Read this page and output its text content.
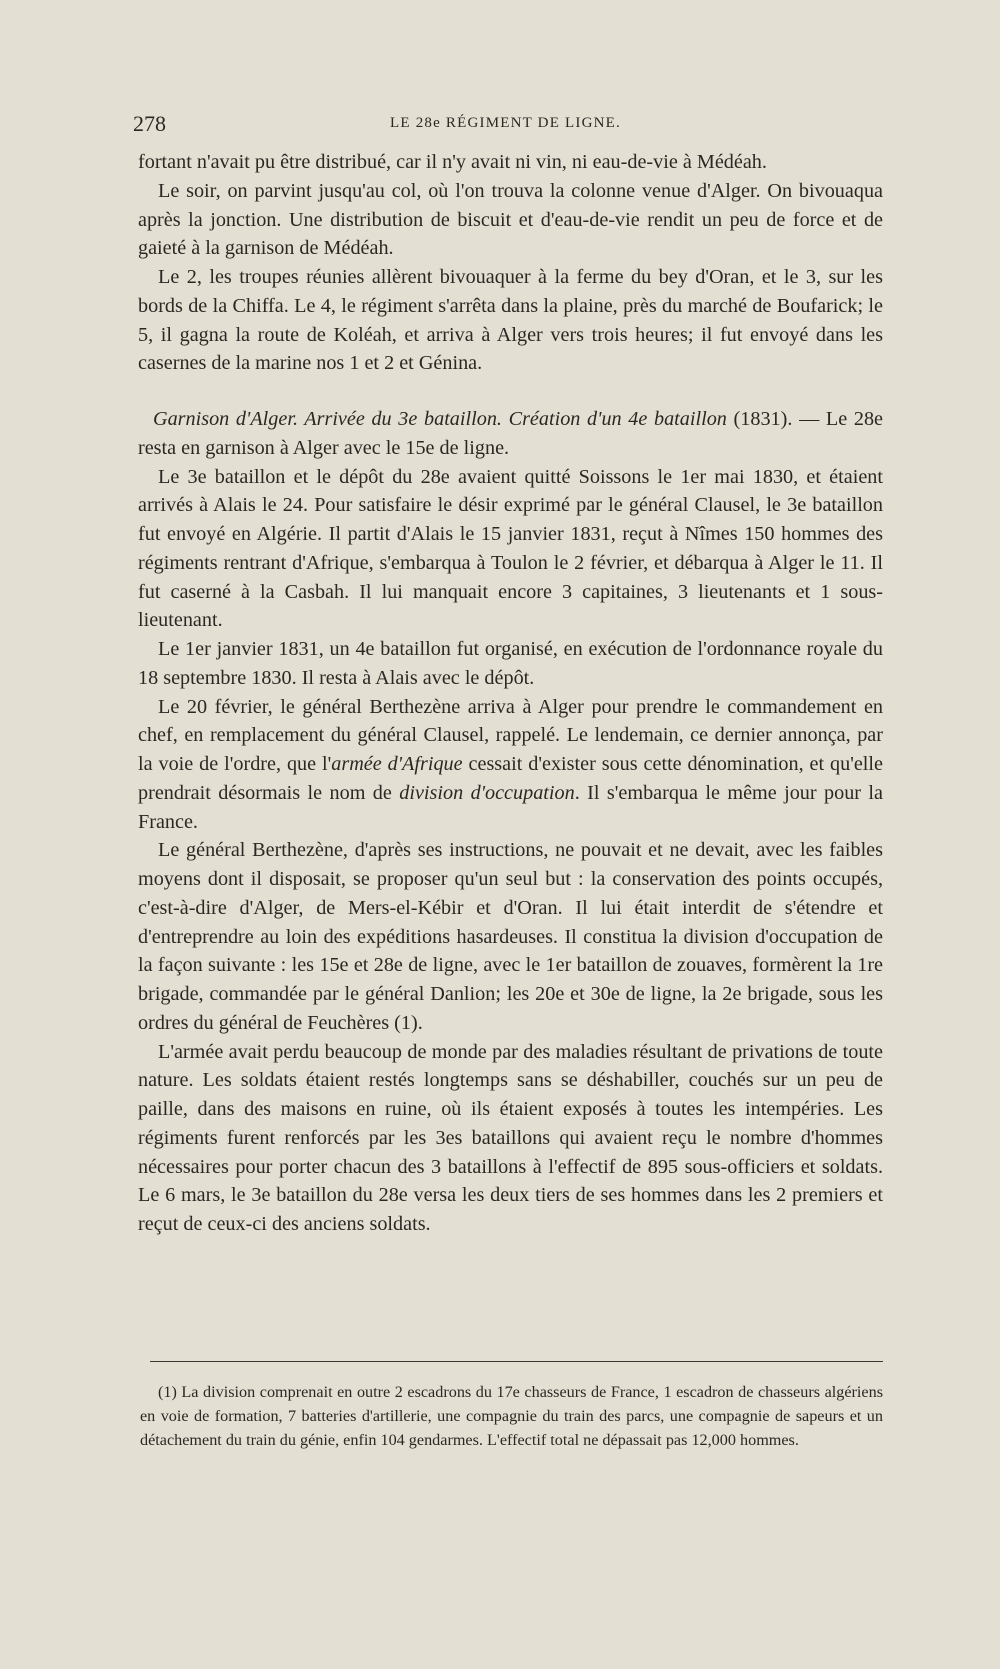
278	LE 28e RÉGIMENT DE LIGNE.

fortant n'avait pu être distribué, car il n'y avait ni vin, ni eau-de-vie à Médéah.

Le soir, on parvint jusqu'au col, où l'on trouva la colonne venue d'Alger. On bivouaqua après la jonction. Une distribution de biscuit et d'eau-de-vie rendit un peu de force et de gaieté à la garnison de Médéah.

Le 2, les troupes réunies allèrent bivouaquer à la ferme du bey d'Oran, et le 3, sur les bords de la Chiffa. Le 4, le régiment s'arrêta dans la plaine, près du marché de Boufarick; le 5, il gagna la route de Koléah, et arriva à Alger vers trois heures; il fut envoyé dans les casernes de la marine nos 1 et 2 et Génina.

Garnison d'Alger. Arrivée du 3e bataillon. Création d'un 4e bataillon (1831). — Le 28e resta en garnison à Alger avec le 15e de ligne.

Le 3e bataillon et le dépôt du 28e avaient quitté Soissons le 1er mai 1830, et étaient arrivés à Alais le 24. Pour satisfaire le désir exprimé par le général Clausel, le 3e bataillon fut envoyé en Algérie. Il partit d'Alais le 15 janvier 1831, reçut à Nîmes 150 hommes des régiments rentrant d'Afrique, s'embarqua à Toulon le 2 février, et débarqua à Alger le 11. Il fut caserné à la Casbah. Il lui manquait encore 3 capitaines, 3 lieutenants et 1 sous-lieutenant.

Le 1er janvier 1831, un 4e bataillon fut organisé, en exécution de l'ordonnance royale du 18 septembre 1830. Il resta à Alais avec le dépôt.

Le 20 février, le général Berthezène arriva à Alger pour prendre le commandement en chef, en remplacement du général Clausel, rappelé. Le lendemain, ce dernier annonça, par la voie de l'ordre, que l'armée d'Afrique cessait d'exister sous cette dénomination, et qu'elle prendrait désormais le nom de division d'occupation. Il s'embarqua le même jour pour la France.

Le général Berthezène, d'après ses instructions, ne pouvait et ne devait, avec les faibles moyens dont il disposait, se proposer qu'un seul but : la conservation des points occupés, c'est-à-dire d'Alger, de Mers-el-Kébir et d'Oran. Il lui était interdit de s'étendre et d'entreprendre au loin des expéditions hasardeuses. Il constitua la division d'occupation de la façon suivante : les 15e et 28e de ligne, avec le 1er bataillon de zouaves, formèrent la 1re brigade, commandée par le général Danlion; les 20e et 30e de ligne, la 2e brigade, sous les ordres du général de Feuchères (1).

L'armée avait perdu beaucoup de monde par des maladies résultant de privations de toute nature. Les soldats étaient restés longtemps sans se déshabiller, couchés sur un peu de paille, dans des maisons en ruine, où ils étaient exposés à toutes les intempéries. Les régiments furent renforcés par les 3es bataillons qui avaient reçu le nombre d'hommes nécessaires pour porter chacun des 3 bataillons à l'effectif de 895 sous-officiers et soldats. Le 6 mars, le 3e bataillon du 28e versa les deux tiers de ses hommes dans les 2 premiers et reçut de ceux-ci des anciens soldats.

(1) La division comprenait en outre 2 escadrons du 17e chasseurs de France, 1 escadron de chasseurs algériens en voie de formation, 7 batteries d'artillerie, une compagnie du train des parcs, une compagnie de sapeurs et un détachement du train du génie, enfin 104 gendarmes. L'effectif total ne dépassait pas 12,000 hommes.
